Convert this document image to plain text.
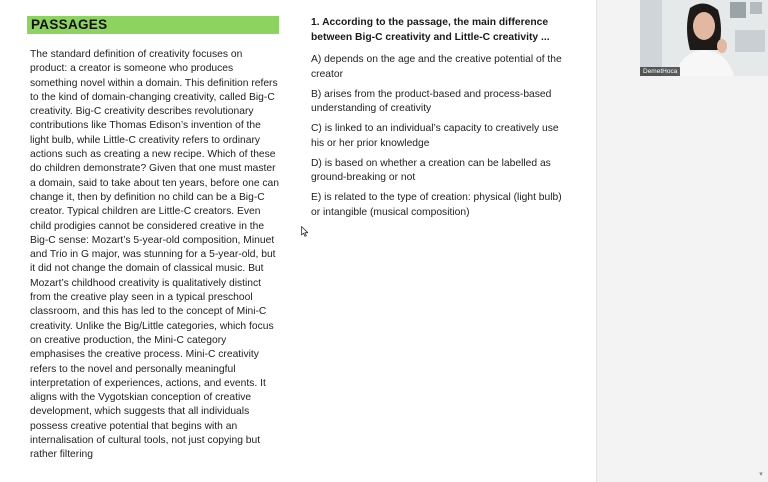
PASSAGES
The standard definition of creativity focuses on product: a creator is someone who produces something novel within a domain. This definition refers to the kind of domain-changing creativity, called Big-C creativity. Big-C creativity describes revolutionary contributions like Thomas Edison’s invention of the light bulb, while Little-C creativity refers to ordinary actions such as creating a new recipe. Which of these do children demonstrate? Given that one must master a domain, said to take about ten years, before one can change it, then by definition no child can be a Big-C creator. Typical children are Little-C creators. Even child prodigies cannot be considered creative in the Big-C sense: Mozart’s 5-year-old composition, Minuet and Trio in G major, was stunning for a 5-year-old, but it did not change the domain of classical music. But Mozart’s childhood creativity is qualitatively distinct from the creative play seen in a typical preschool classroom, and this has led to the concept of Mini-C creativity. Unlike the Big/Little categories, which focus on creative production, the Mini-C category emphasises the creative process. Mini-C creativity refers to the novel and personally meaningful interpretation of experiences, actions, and events. It aligns with the Vygotskian conception of creative development, which suggests that all individuals possess creative potential that begins with an internalisation of cultural tools, not just copying but rather filtering
1. According to the passage, the main difference between Big-C creativity and Little-C creativity ...
A) depends on the age and the creative potential of the creator
B) arises from the product-based and process-based understanding of creativity
C) is linked to an individual’s capacity to creatively use his or her prior knowledge
D) is based on whether a creation can be labelled as ground-breaking or not
E) is related to the type of creation: physical (light bulb) or intangible (musical composition)
DemetHoca
▾
